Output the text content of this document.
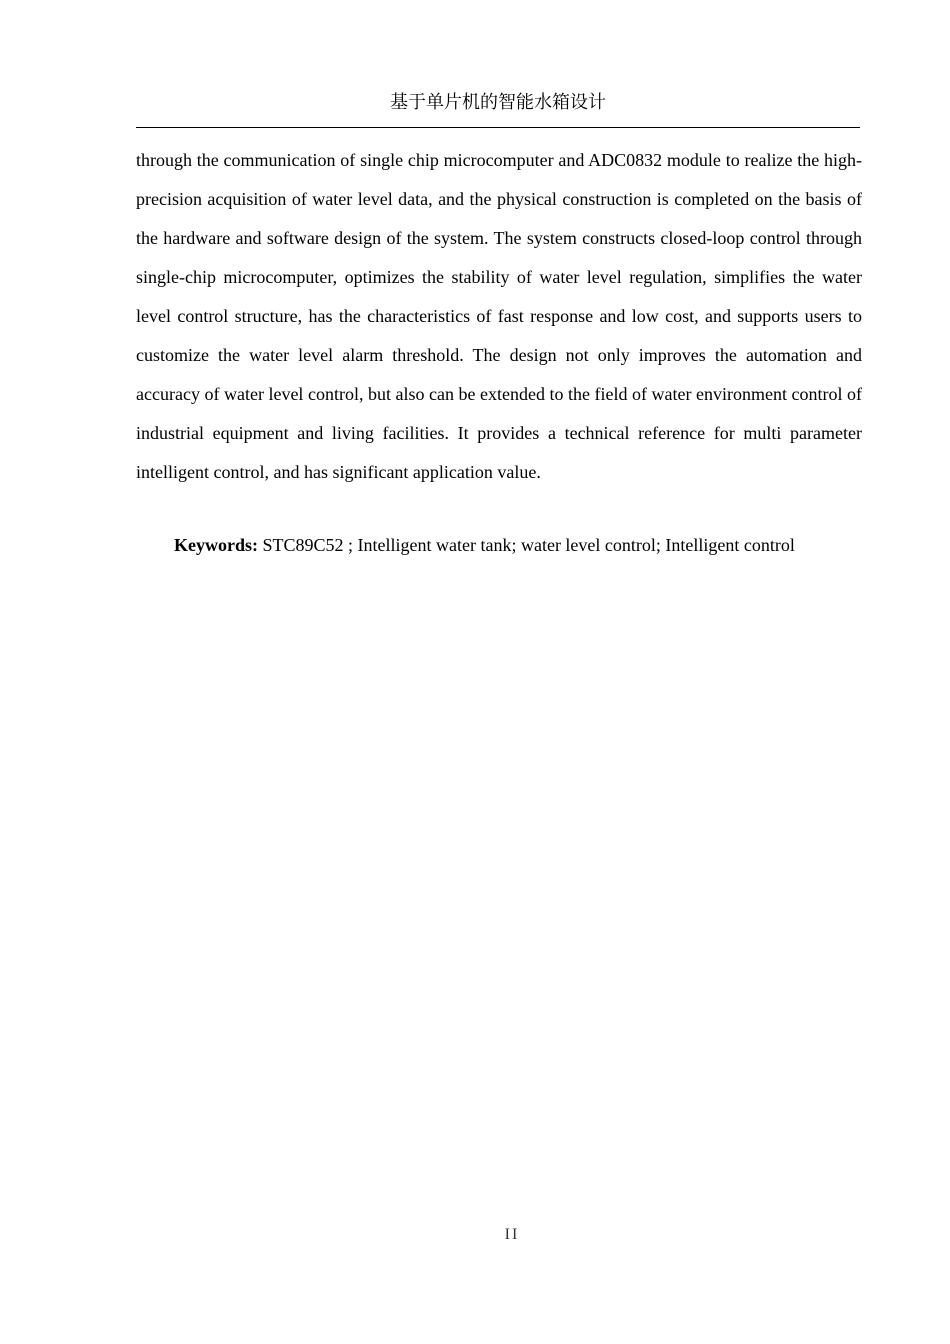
基于单片机的智能水箱设计

through the communication of single chip microcomputer and ADC0832 module to realize the high-precision acquisition of water level data, and the physical construction is completed on the basis of the hardware and software design of the system. The system constructs closed-loop control through single-chip microcomputer, optimizes the stability of water level regulation, simplifies the water level control structure, has the characteristics of fast response and low cost, and supports users to customize the water level alarm threshold. The design not only improves the automation and accuracy of water level control, but also can be extended to the field of water environment control of industrial equipment and living facilities. It provides a technical reference for multi parameter intelligent control, and has significant application value.

Keywords: STC89C52 ; Intelligent water tank; water level control; Intelligent control

II
